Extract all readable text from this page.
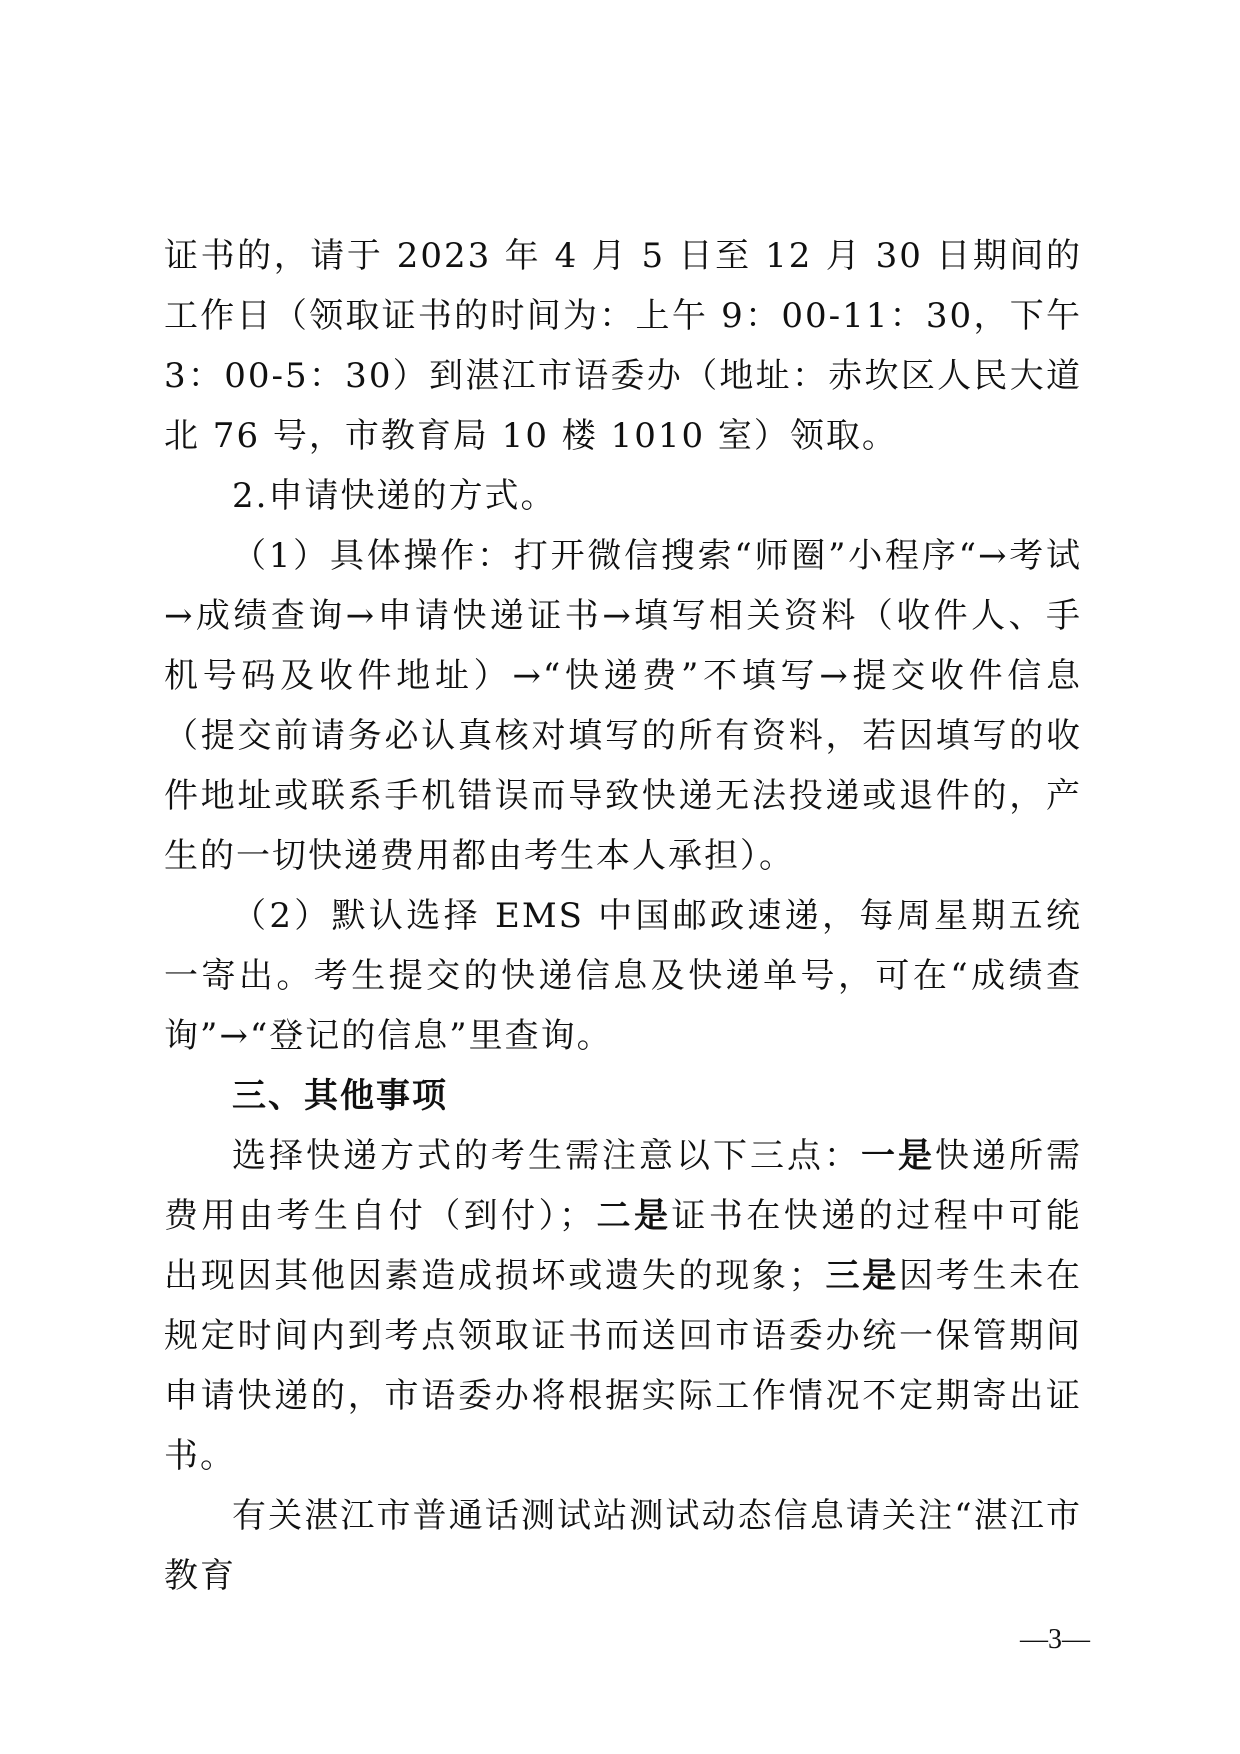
证书的，请于 2023 年 4 月 5 日至 12 月 30 日期间的工作日（领取证书的时间为：上午 9：00-11：30，下午 3：00-5：30）到湛江市语委办（地址：赤坎区人民大道北 76 号，市教育局 10 楼 1010 室）领取。

2.申请快递的方式。

（1）具体操作：打开微信搜索“师圈”小程序“→考试→成绩查询→申请快递证书→填写相关资料（收件人、手机号码及收件地址）→“快递费”不填写→提交收件信息（提交前请务必认真核对填写的所有资料，若因填写的收件地址或联系手机错误而导致快递无法投递或退件的，产生的一切快递费用都由考生本人承担）。

（2）默认选择 EMS 中国邮政速递，每周星期五统一寄出。考生提交的快递信息及快递单号，可在“成绩查询”→“登记的信息”里查询。

三、其他事项

选择快递方式的考生需注意以下三点：一是快递所需费用由考生自付（到付）；二是证书在快递的过程中可能出现因其他因素造成损坏或遗失的现象；三是因考生未在规定时间内到考点领取证书而送回市语委办统一保管期间申请快递的，市语委办将根据实际工作情况不定期寄出证书。

有关湛江市普通话测试站测试动态信息请关注“湛江市教育

—3—
